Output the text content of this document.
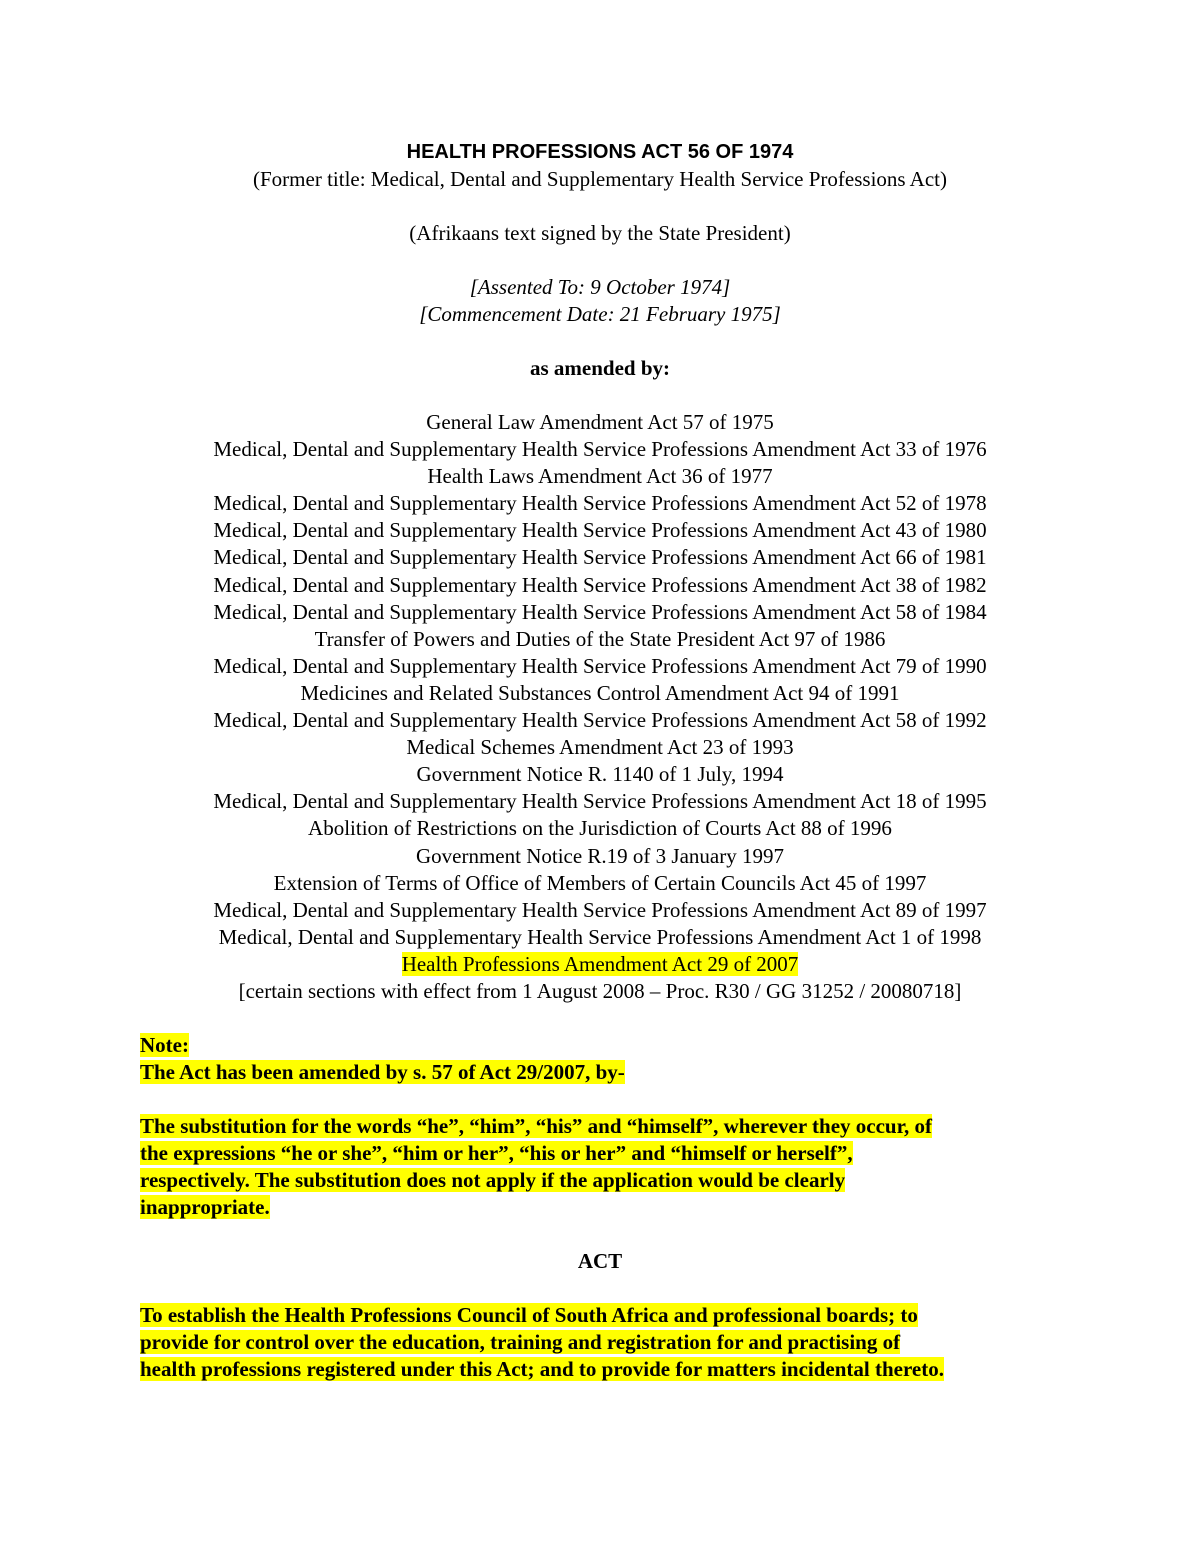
HEALTH PROFESSIONS ACT 56 OF 1974

(Former title: Medical, Dental and Supplementary Health Service Professions Act)

(Afrikaans text signed by the State President)

[Assented To: 9 October 1974]

[Commencement Date: 21 February 1975]

as amended by:

General Law Amendment Act 57 of 1975

Medical, Dental and Supplementary Health Service Professions Amendment Act 33 of 1976

Health Laws Amendment Act 36 of 1977

Medical, Dental and Supplementary Health Service Professions Amendment Act 52 of 1978

Medical, Dental and Supplementary Health Service Professions Amendment Act 43 of 1980

Medical, Dental and Supplementary Health Service Professions Amendment Act 66 of 1981

Medical, Dental and Supplementary Health Service Professions Amendment Act 38 of 1982

Medical, Dental and Supplementary Health Service Professions Amendment Act 58 of 1984

Transfer of Powers and Duties of the State President Act 97 of 1986

Medical, Dental and Supplementary Health Service Professions Amendment Act 79 of 1990

Medicines and Related Substances Control Amendment Act 94 of 1991

Medical, Dental and Supplementary Health Service Professions Amendment Act 58 of 1992

Medical Schemes Amendment Act 23 of 1993

Government Notice R. 1140 of 1 July, 1994

Medical, Dental and Supplementary Health Service Professions Amendment Act 18 of 1995

Abolition of Restrictions on the Jurisdiction of Courts Act 88 of 1996

Government Notice R.19 of 3 January 1997

Extension of Terms of Office of Members of Certain Councils Act 45 of 1997

Medical, Dental and Supplementary Health Service Professions Amendment Act 89 of 1997

Medical, Dental and Supplementary Health Service Professions Amendment Act 1 of 1998

Health Professions Amendment Act 29 of 2007

[certain sections with effect from 1 August 2008 – Proc. R30 / GG 31252 / 20080718]

Note:

The Act has been amended by s. 57 of Act 29/2007, by-

The substitution for the words “he”, “him”, “his” and “himself”, wherever they occur, of

the expressions “he or she”, “him or her”, “his or her” and “himself or herself”,

respectively. The substitution does not apply if the application would be clearly

inappropriate.

ACT

To establish the Health Professions Council of South Africa and professional boards; to

provide for control over the education, training and registration for and practising of

health professions registered under this Act; and to provide for matters incidental thereto.
